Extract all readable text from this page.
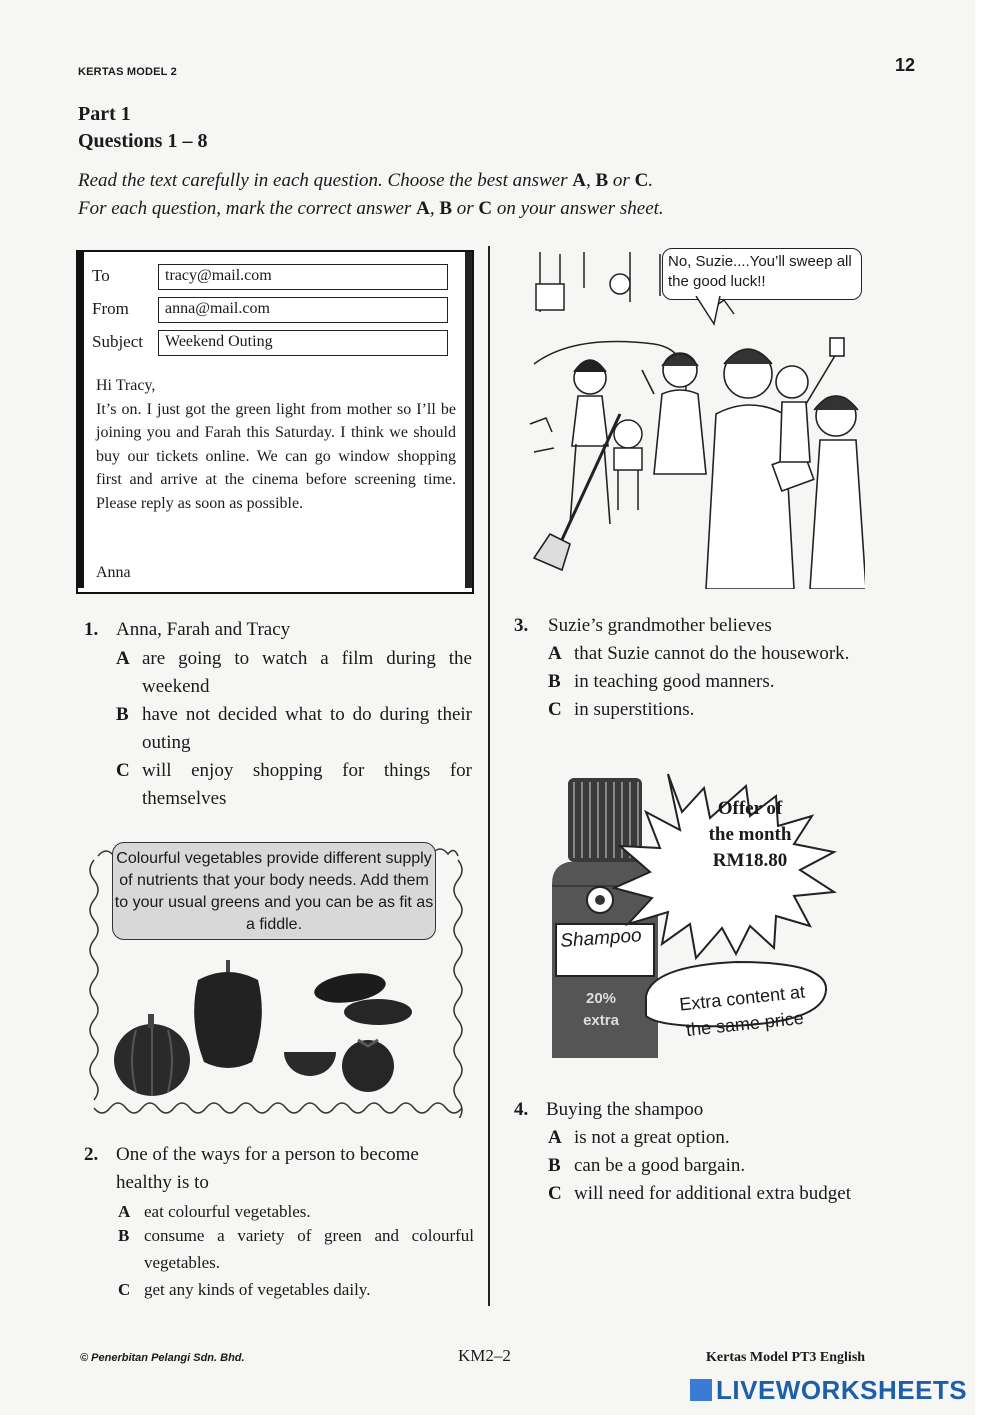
KERTAS MODEL 2	12
Part 1
Questions 1 – 8
Read the text carefully in each question. Choose the best answer A, B or C.
For each question, mark the correct answer A, B or C on your answer sheet.
To	tracy@mail.com
From	anna@mail.com
Subject	Weekend Outing
Hi Tracy,
It’s on. I just got the green light from mother so I’ll be joining you and Farah this Saturday. I think we should buy our tickets online. We can go window shopping first and arrive at the cinema before screening time. Please reply as soon as possible.
Anna
1. Anna, Farah and Tracy
A are going to watch a film during the weekend
B have not decided what to do during their outing
C will enjoy shopping for things for themselves
Colourful vegetables provide different supply of nutrients that your body needs. Add them to your usual greens and you can be as fit as a fiddle.
2. One of the ways for a person to become healthy is to
A eat colourful vegetables.
B consume a variety of green and colourful vegetables.
C get any kinds of vegetables daily.
No, Suzie....You’ll sweep all the good luck!!
3. Suzie’s grandmother believes
A that Suzie cannot do the housework.
B in teaching good manners.
C in superstitions.
Offer of
the month
RM18.80
Shampoo
20%
extra
Extra content at
the same price
4. Buying the shampoo
A is not a great option.
B can be a good bargain.
C will need for additional extra budget
© Penerbitan Pelangi Sdn. Bhd.	KM2–2	Kertas Model PT3 English
LIVEWORKSHEETS
